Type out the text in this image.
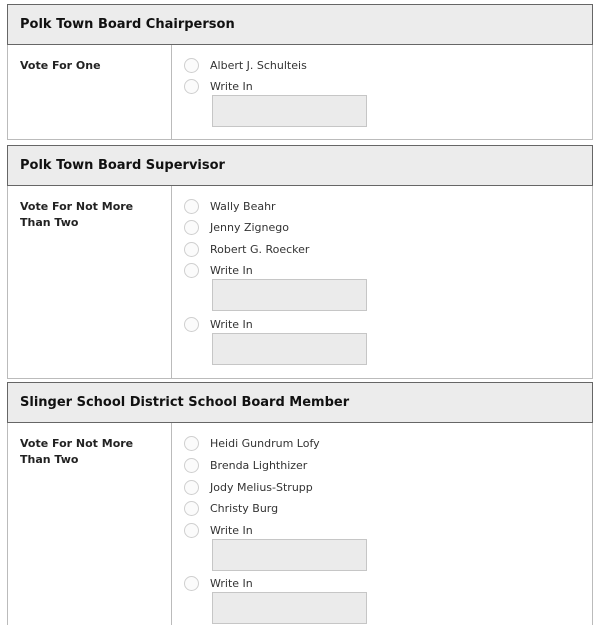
Polk Town Board Chairperson
Vote For One	Albert J. Schulteis
Write In
Polk Town Board Supervisor
Vote For Not More Than Two
Wally Beahr
Jenny Zignego
Robert G. Roecker
Write In
Write In
Slinger School District School Board Member
Vote For Not More Than Two
Heidi Gundrum Lofy
Brenda Lighthizer
Jody Melius-Strupp
Christy Burg
Write In
Write In
